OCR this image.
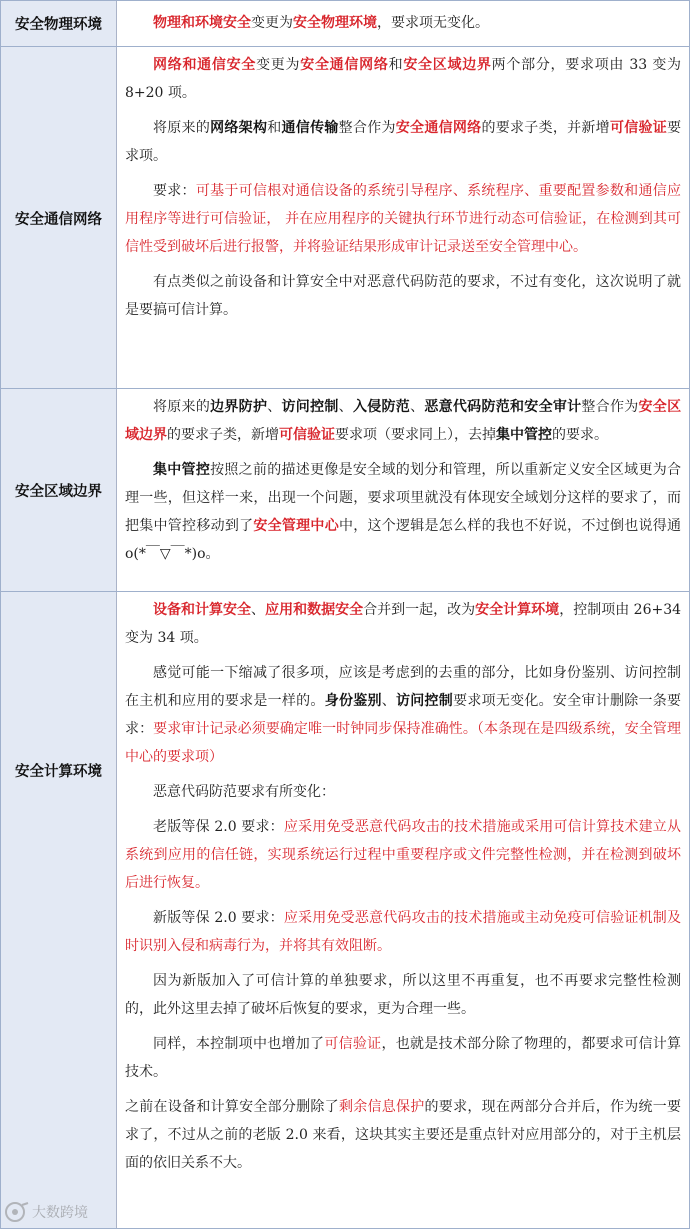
安全物理环境	物理和环境安全变更为安全物理环境，要求项无变化。

安全通信网络

网络和通信安全变更为安全通信网络和安全区域边界两个部分，要求项由 33 变为 8+20 项。

将原来的网络架构和通信传输整合作为安全通信网络的要求子类，并新增可信验证要求项。

要求：可基于可信根对通信设备的系统引导程序、系统程序、重要配置参数和通信应用程序等进行可信验证， 并在应用程序的关键执行环节进行动态可信验证，在检测到其可信性受到破坏后进行报警，并将验证结果形成审计记录送至安全管理中心。

有点类似之前设备和计算安全中对恶意代码防范的要求，不过有变化，这次说明了就是要搞可信计算。

安全区域边界

将原来的边界防护、访问控制、入侵防范、恶意代码防范和安全审计整合作为安全区域边界的要求子类，新增可信验证要求项（要求同上），去掉集中管控的要求。

集中管控按照之前的描述更像是安全域的划分和管理，所以重新定义安全区域更为合理一些，但这样一来，出现一个问题，要求项里就没有体现安全域划分这样的要求了，而把集中管控移动到了安全管理中心中，这个逻辑是怎么样的我也不好说，不过倒也说得通 o(*￣▽￣*)o。

安全计算环境

设备和计算安全、应用和数据安全合并到一起，改为安全计算环境，控制项由 26+34 变为 34 项。

感觉可能一下缩减了很多项，应该是考虑到的去重的部分，比如身份鉴别、访问控制在主机和应用的要求是一样的。身份鉴别、访问控制要求项无变化。安全审计删除一条要求：要求审计记录必须要确定唯一时钟同步保持准确性。（本条现在是四级系统，安全管理中心的要求项）

恶意代码防范要求有所变化：

老版等保 2.0 要求：应采用免受恶意代码攻击的技术措施或采用可信计算技术建立从系统到应用的信任链，实现系统运行过程中重要程序或文件完整性检测，并在检测到破坏后进行恢复。

新版等保 2.0 要求：应采用免受恶意代码攻击的技术措施或主动免疫可信验证机制及时识别入侵和病毒行为，并将其有效阻断。

因为新版加入了可信计算的单独要求，所以这里不再重复，也不再要求完整性检测的，此外这里去掉了破坏后恢复的要求，更为合理一些。

同样，本控制项中也增加了可信验证，也就是技术部分除了物理的，都要求可信计算技术。

之前在设备和计算安全部分删除了剩余信息保护的要求，现在两部分合并后，作为统一要求了，不过从之前的老版 2.0 来看，这块其实主要还是重点针对应用部分的，对于主机层面的依旧关系不大。

大数跨境
